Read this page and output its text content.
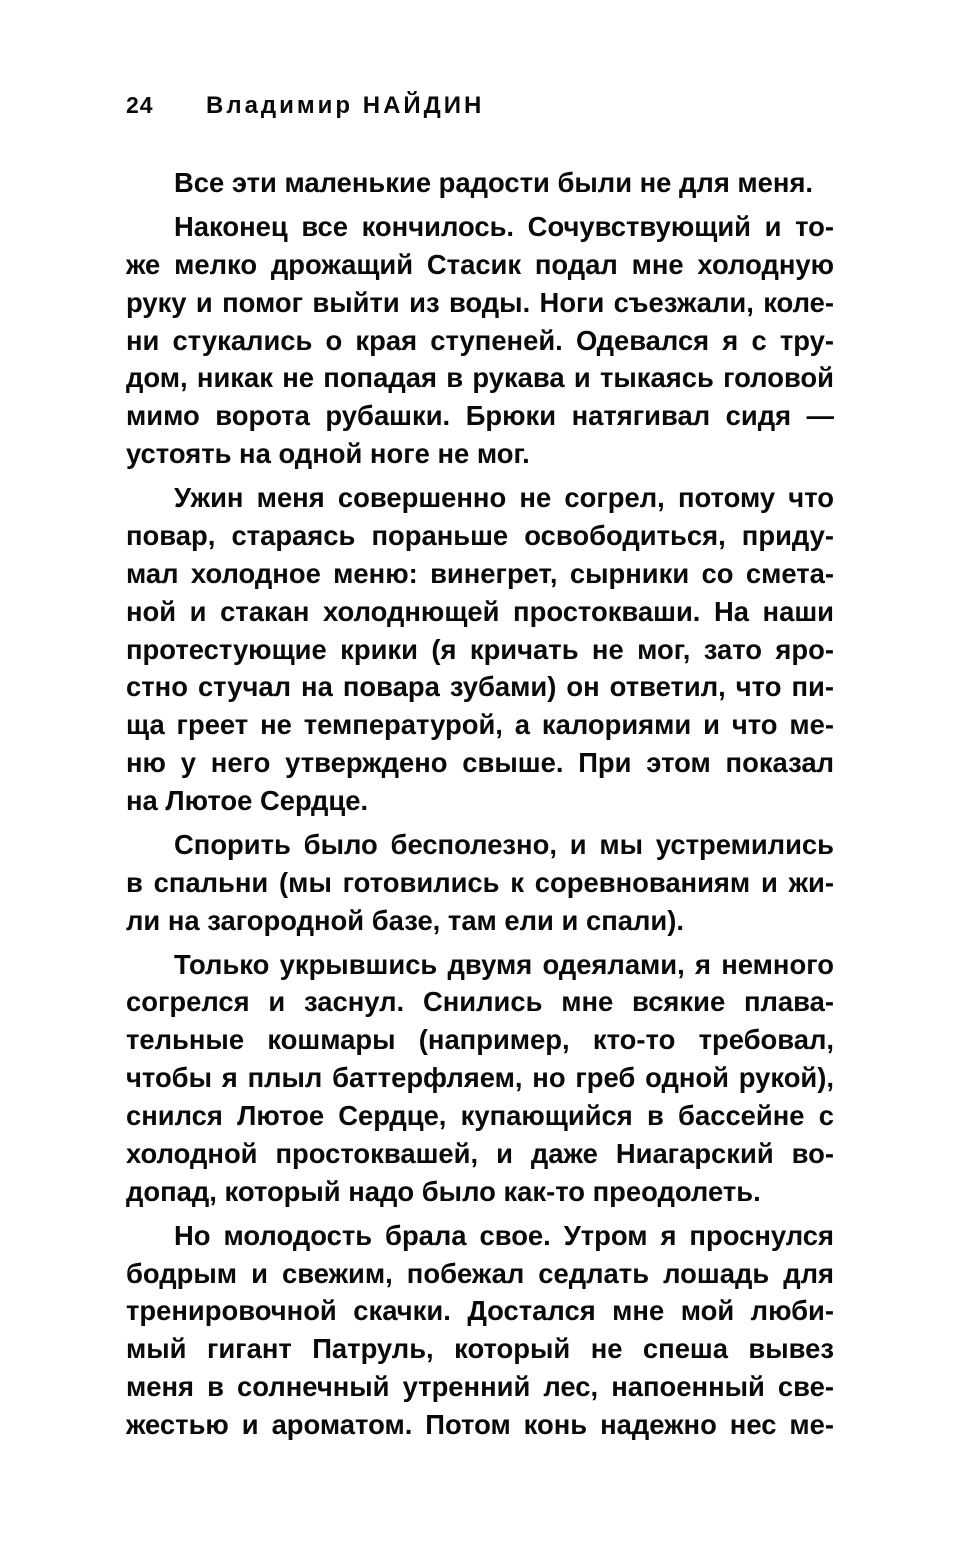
24	Владимир НАЙДИН
Все эти маленькие радости были не для меня.
Наконец все кончилось. Сочувствующий и то-
же мелко дрожащий Стасик подал мне холодную
руку и помог выйти из воды. Ноги съезжали, коле-
ни стукались о края ступеней. Одевался я с тру-
дом, никак не попадая в рукава и тыкаясь головой
мимо ворота рубашки. Брюки натягивал сидя —
устоять на одной ноге не мог.
Ужин меня совершенно не согрел, потому что
повар, стараясь пораньше освободиться, приду-
мал холодное меню: винегрет, сырники со смета-
ной и стакан холоднющей простокваши. На наши
протестующие крики (я кричать не мог, зато яро-
стно стучал на повара зубами) он ответил, что пи-
ща греет не температурой, а калориями и что ме-
ню у него утверждено свыше. При этом показал
на Лютое Сердце.
Спорить было бесполезно, и мы устремились
в спальни (мы готовились к соревнованиям и жи-
ли на загородной базе, там ели и спали).
Только укрывшись двумя одеялами, я немного
согрелся и заснул. Снились мне всякие плава-
тельные кошмары (например, кто-то требовал,
чтобы я плыл баттерфляем, но греб одной рукой),
снился Лютое Сердце, купающийся в бассейне с
холодной простоквашей, и даже Ниагарский во-
допад, который надо было как-то преодолеть.
Но молодость брала свое. Утром я проснулся
бодрым и свежим, побежал седлать лошадь для
тренировочной скачки. Достался мне мой люби-
мый гигант Патруль, который не спеша вывез
меня в солнечный утренний лес, напоенный све-
жестью и ароматом. Потом конь надежно нес ме-
